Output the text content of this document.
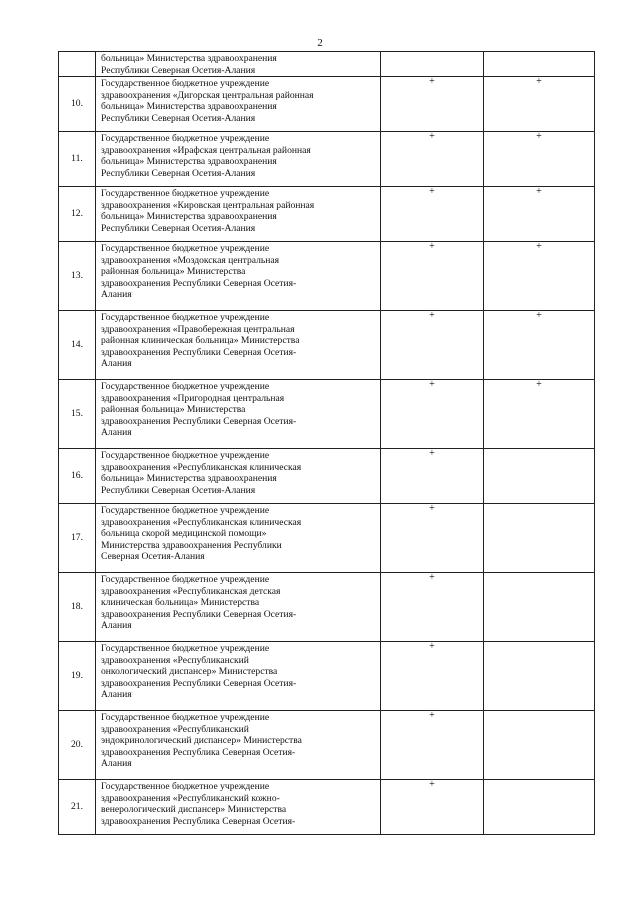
2

	больница» Министерства здравоохранения
Республики Северная Осетия-Алания		

10.	Государственное бюджетное учреждение
здравоохранения «Дигорская центральная районная
больница» Министерства здравоохранения
Республики Северная Осетия-Алания	+	+

11.	Государственное бюджетное учреждение
здравоохранения «Ирафская центральная районная
больница» Министерства здравоохранения
Республики Северная Осетия-Алания	+	+

12.	Государственное бюджетное учреждение
здравоохранения «Кировская центральная районная
больница» Министерства здравоохранения
Республики Северная Осетия-Алания	+	+

13.	Государственное бюджетное учреждение
здравоохранения «Моздокская центральная
районная больница» Министерства
здравоохранения Республики Северная Осетия-
Алания	+	+

14.	Государственное бюджетное учреждение
здравоохранения «Правобережная центральная
районная клиническая больница» Министерства
здравоохранения Республики Северная Осетия-
Алания	+	+

15.	Государственное бюджетное учреждение
здравоохранения «Пригородная центральная
районная больница» Министерства
здравоохранения Республики Северная Осетия-
Алания	+	+

16.	Государственное бюджетное учреждение
здравоохранения «Республиканская клиническая
больница» Министерства здравоохранения
Республики Северная Осетия-Алания	+	

17.	Государственное бюджетное учреждение
здравоохранения «Республиканская клиническая
больница скорой медицинской помощи»
Министерства здравоохранения Республики
Северная Осетия-Алания	+	

18.	Государственное бюджетное учреждение
здравоохранения «Республиканская детская
клиническая больница» Министерства
здравоохранения Республики Северная Осетия-
Алания	+	

19.	Государственное бюджетное учреждение
здравоохранения «Республиканский
онкологический диспансер» Министерства
здравоохранения Республики Северная Осетия-
Алания	+	

20.	Государственное бюджетное учреждение
здравоохранения «Республиканский
эндокринологический диспансер» Министерства
здравоохранения Республика Северная Осетия-
Алания	+	

21.	Государственное бюджетное учреждение
здравоохранения «Республиканский кожно-
венерологический диспансер» Министерства
здравоохранения Республика Северная Осетия-	+	
